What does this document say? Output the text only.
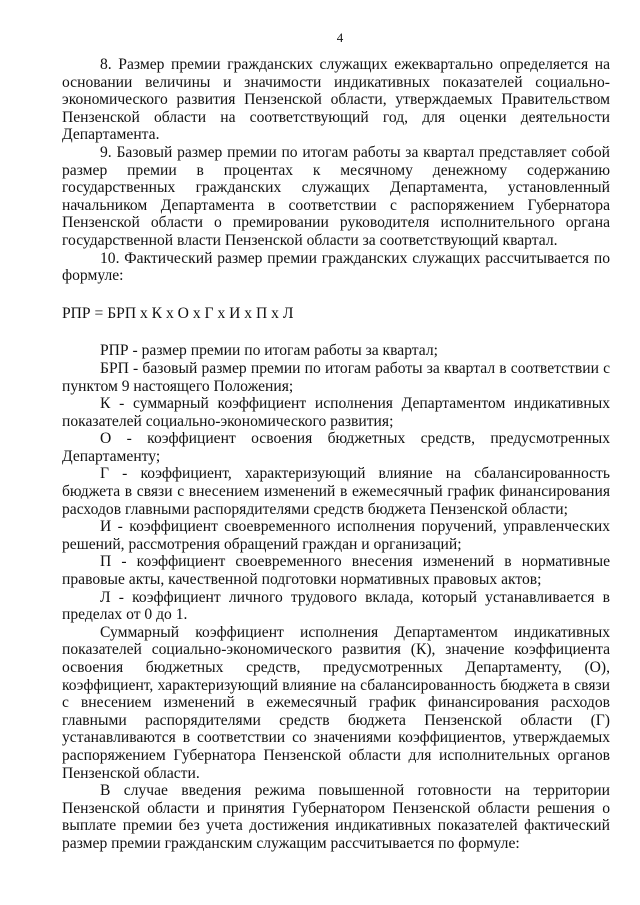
4

8. Размер премии гражданских служащих ежеквартально определяется на основании величины и значимости индикативных показателей социально-экономического развития Пензенской области, утверждаемых Правительством Пензенской области на соответствующий год, для оценки деятельности Департамента.

9. Базовый размер премии по итогам работы за квартал представляет собой размер премии в процентах к месячному денежному содержанию государственных гражданских служащих Департамента, установленный начальником Департамента в соответствии с распоряжением Губернатора Пензенской области о премировании руководителя исполнительного органа государственной власти Пензенской области за соответствующий квартал.

10. Фактический размер премии гражданских служащих рассчитывается по формуле:

РПР = БРП х К х О х Г х И х П х Л

РПР - размер премии по итогам работы за квартал;

БРП - базовый размер премии по итогам работы за квартал в соответствии с пунктом 9 настоящего Положения;

К - суммарный коэффициент исполнения Департаментом индикативных показателей социально-экономического развития;

О - коэффициент освоения бюджетных средств, предусмотренных Департаменту;

Г - коэффициент, характеризующий влияние на сбалансированность бюджета в связи с внесением изменений в ежемесячный график финансирования расходов главными распорядителями средств бюджета Пензенской области;

И - коэффициент своевременного исполнения поручений, управленческих решений, рассмотрения обращений граждан и организаций;

П - коэффициент своевременного внесения изменений в нормативные правовые акты, качественной подготовки нормативных правовых актов;

Л - коэффициент личного трудового вклада, который устанавливается в пределах от 0 до 1.

Суммарный коэффициент исполнения Департаментом индикативных показателей социально-экономического развития (К), значение коэффициента освоения бюджетных средств, предусмотренных Департаменту, (О), коэффициент, характеризующий влияние на сбалансированность бюджета в связи с внесением изменений в ежемесячный график финансирования расходов главными распорядителями средств бюджета Пензенской области (Г) устанавливаются в соответствии со значениями коэффициентов, утверждаемых распоряжением Губернатора Пензенской области для исполнительных органов Пензенской области.

В случае введения режима повышенной готовности на территории Пензенской области и принятия Губернатором Пензенской области решения о выплате премии без учета достижения индикативных показателей фактический размер премии гражданским служащим рассчитывается по формуле:
